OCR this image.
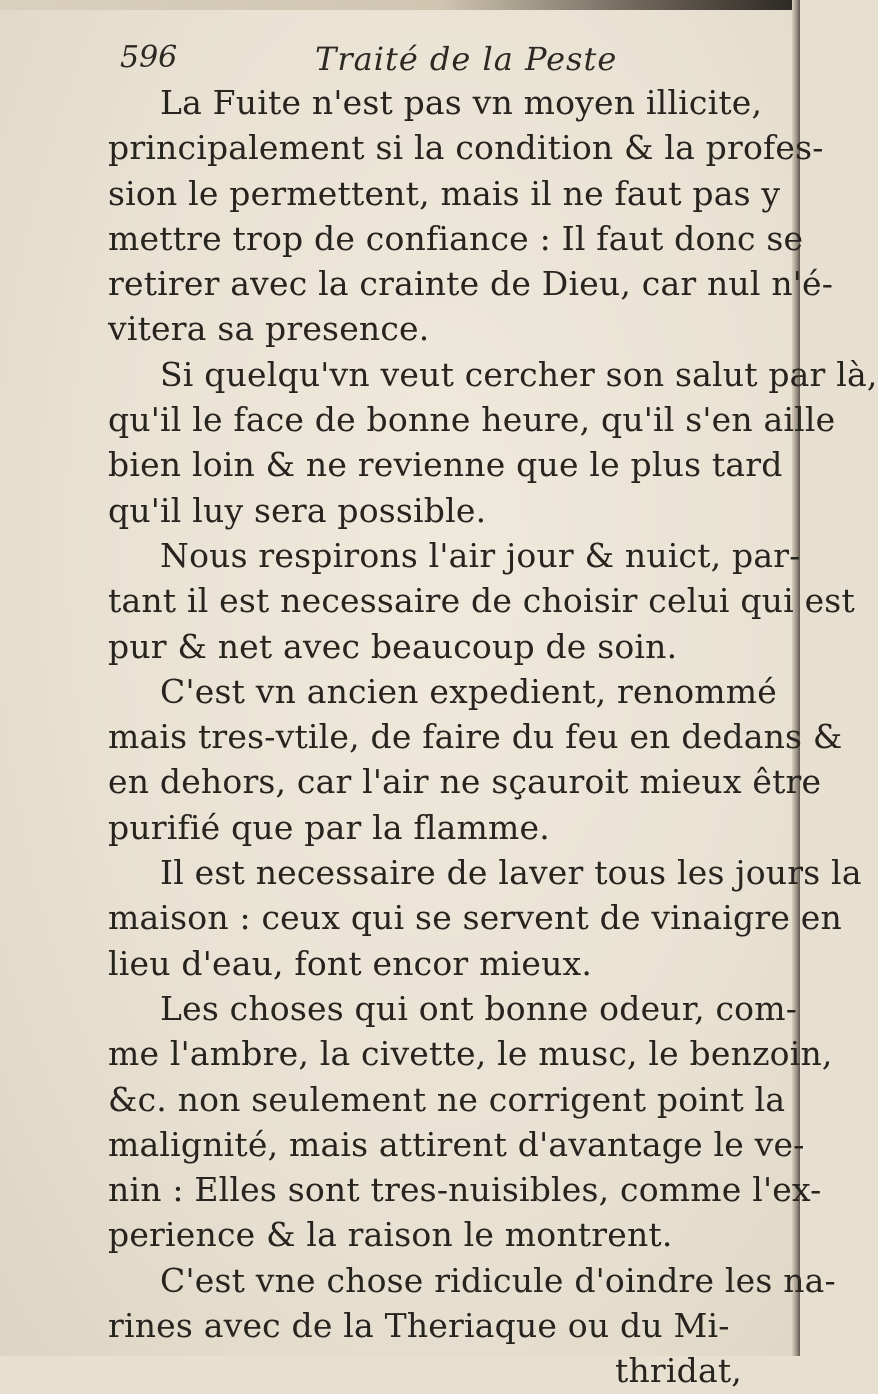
596	Traité de la Peste
La Fuite n'est pas vn moyen illicite,
principalement si la condition & la profes-
sion le permettent, mais il ne faut pas y
mettre trop de confiance : Il faut donc se
retirer avec la crainte de Dieu, car nul n'é-
vitera sa presence.
Si quelqu'vn veut cercher son salut par là,
qu'il le face de bonne heure, qu'il s'en aille
bien loin & ne revienne que le plus tard
qu'il luy sera possible.
Nous respirons l'air jour & nuict, par-
tant il est necessaire de choisir celui qui est
pur & net avec beaucoup de soin.
C'est vn ancien expedient, renommé
mais tres-vtile, de faire du feu en dedans &
en dehors, car l'air ne sçauroit mieux être
purifié que par la flamme.
Il est necessaire de laver tous les jours la
maison : ceux qui se servent de vinaigre en
lieu d'eau, font encor mieux.
Les choses qui ont bonne odeur, com-
me l'ambre, la civette, le musc, le benzoin,
&c. non seulement ne corrigent point la
malignité, mais attirent d'avantage le ve-
nin : Elles sont tres-nuisibles, comme l'ex-
perience & la raison le montrent.
C'est vne chose ridicule d'oindre les na-
rines avec de la Theriaque ou du Mi-
thridat,
